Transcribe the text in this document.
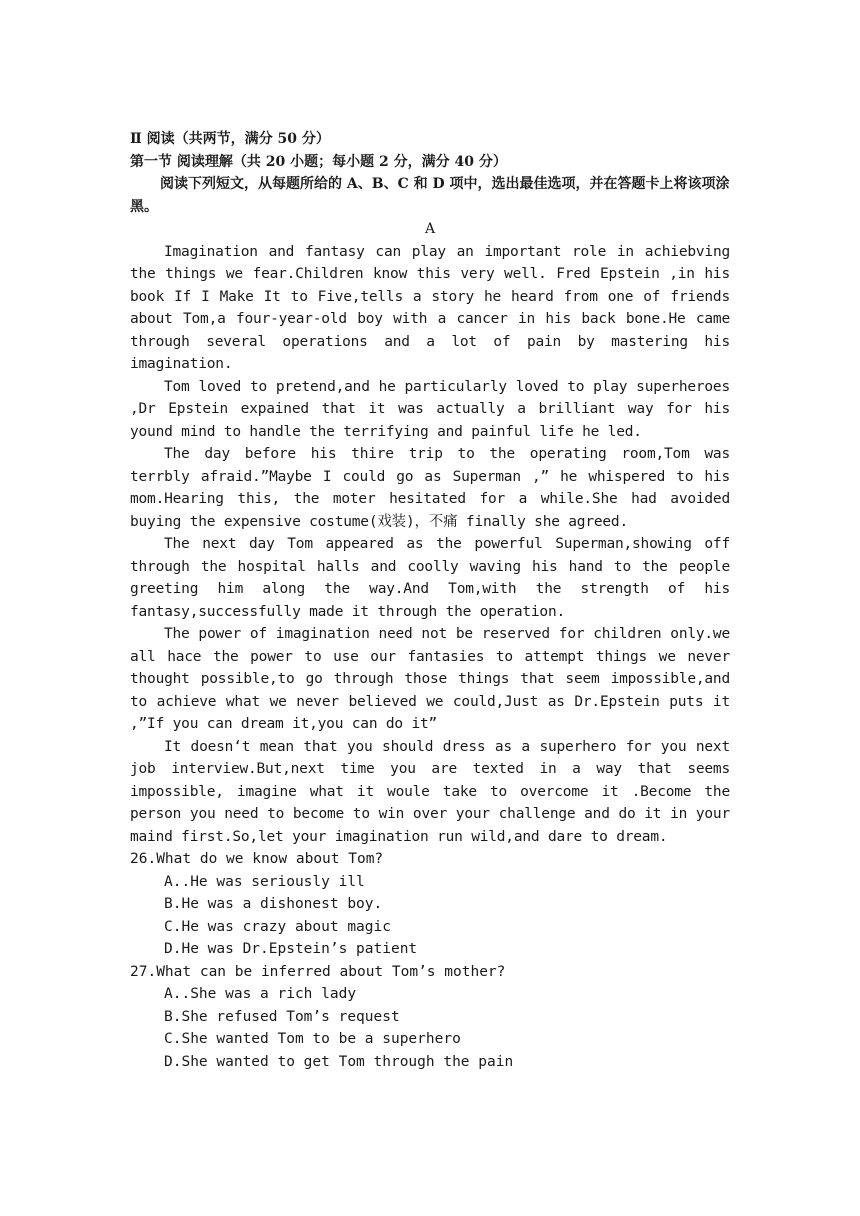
Ⅱ 阅读（共两节，满分 50 分）

第一节 阅读理解（共 20 小题；每小题 2 分，满分 40 分）

阅读下列短文，从每题所给的 A、B、C 和 D 项中，选出最佳选项，并在答题卡上将该项涂黑。

A

Imagination and fantasy can play an important role in achiebving the things we fear.Children know this very well. Fred Epstein ,in his book If I Make It to Five,tells a story he heard from one of friends about Tom,a four-year-old boy with a cancer in his back bone.He came through several operations and a lot of pain by mastering his imagination.

Tom loved to pretend,and he particularly loved to play superheroes ,Dr Epstein expained that it was actually a brilliant way for his yound mind to handle the terrifying and painful life he led.

The day before his thire trip to the operating room,Tom was terrbly afraid.”Maybe I could go as Superman ,” he whispered to his mom.Hearing this, the moter hesitated for a while.She had avoided buying the expensive costume(戏装)，不痛 finally she agreed.

The next day Tom appeared as the powerful Superman,showing off through the hospital halls and coolly waving his hand to the people greeting him along the way.And Tom,with the strength of his fantasy,successfully made it through the operation.

The power of imagination need not be reserved for children only.we all hace the power to use our fantasies to attempt things we never thought possible,to go through those things that seem impossible,and to achieve what we never believed we could,Just as Dr.Epstein puts it ,”If you can dream it,you can do it”

It doesn‘t mean that you should dress as a superhero for you next job interview.But,next time you are texted in a way that seems impossible, imagine what it woule take to overcome it .Become the person you need to become to win over your challenge and do it in your maind first.So,let your imagination run wild,and dare to dream.

26.What do we know about Tom?

A..He was seriously ill

B.He was a dishonest boy.

C.He was crazy about magic

D.He was Dr.Epstein’s patient

27.What can be inferred about Tom’s mother?

A..She was a rich lady

B.She refused Tom’s request

C.She wanted Tom to be a superhero

D.She wanted to get Tom through the pain
